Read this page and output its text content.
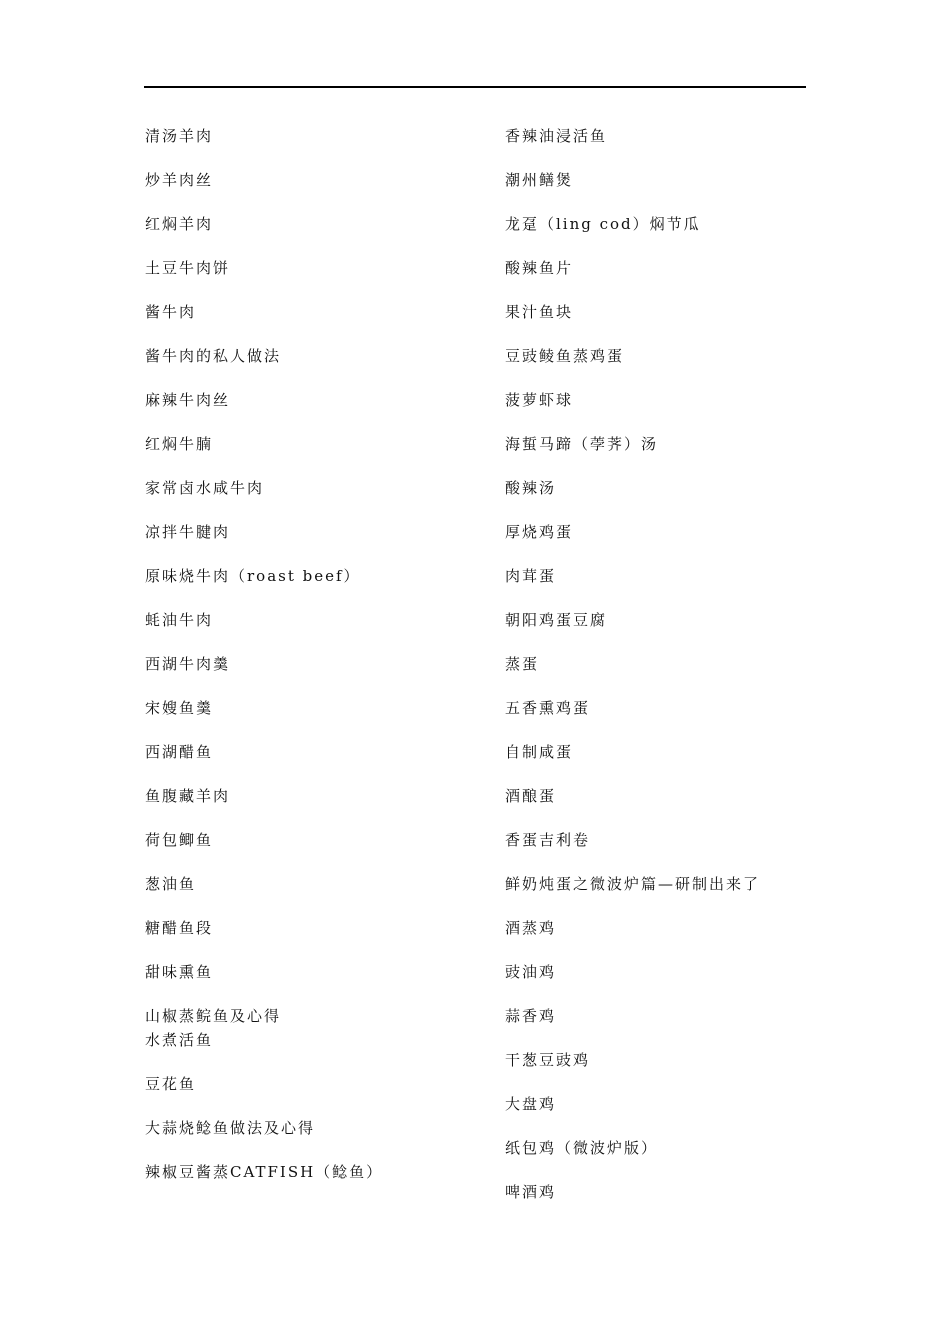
清汤羊肉
炒羊肉丝
红焖羊肉
土豆牛肉饼
酱牛肉
酱牛肉的私人做法
麻辣牛肉丝
红焖牛腩
家常卤水咸牛肉
凉拌牛腱肉
原味烧牛肉（roast beef）
蚝油牛肉
西湖牛肉羹
宋嫂鱼羹
西湖醋鱼
鱼腹藏羊肉
荷包鲫鱼
葱油鱼
糖醋鱼段
甜味熏鱼
山椒蒸鲩鱼及心得
水煮活鱼
豆花鱼
大蒜烧鲶鱼做法及心得
辣椒豆酱蒸CATFISH（鲶鱼）
香辣油浸活鱼
潮州鳝煲
龙趸（ling cod）焖节瓜
酸辣鱼片
果汁鱼块
豆豉鲮鱼蒸鸡蛋
菠萝虾球
海蜇马蹄（荸荠）汤
酸辣汤
厚烧鸡蛋
肉茸蛋
朝阳鸡蛋豆腐
蒸蛋
五香熏鸡蛋
自制咸蛋
酒酿蛋
香蛋吉利卷
鲜奶炖蛋之微波炉篇—研制出来了
酒蒸鸡
豉油鸡
蒜香鸡
干葱豆豉鸡
大盘鸡
纸包鸡（微波炉版）
啤酒鸡
